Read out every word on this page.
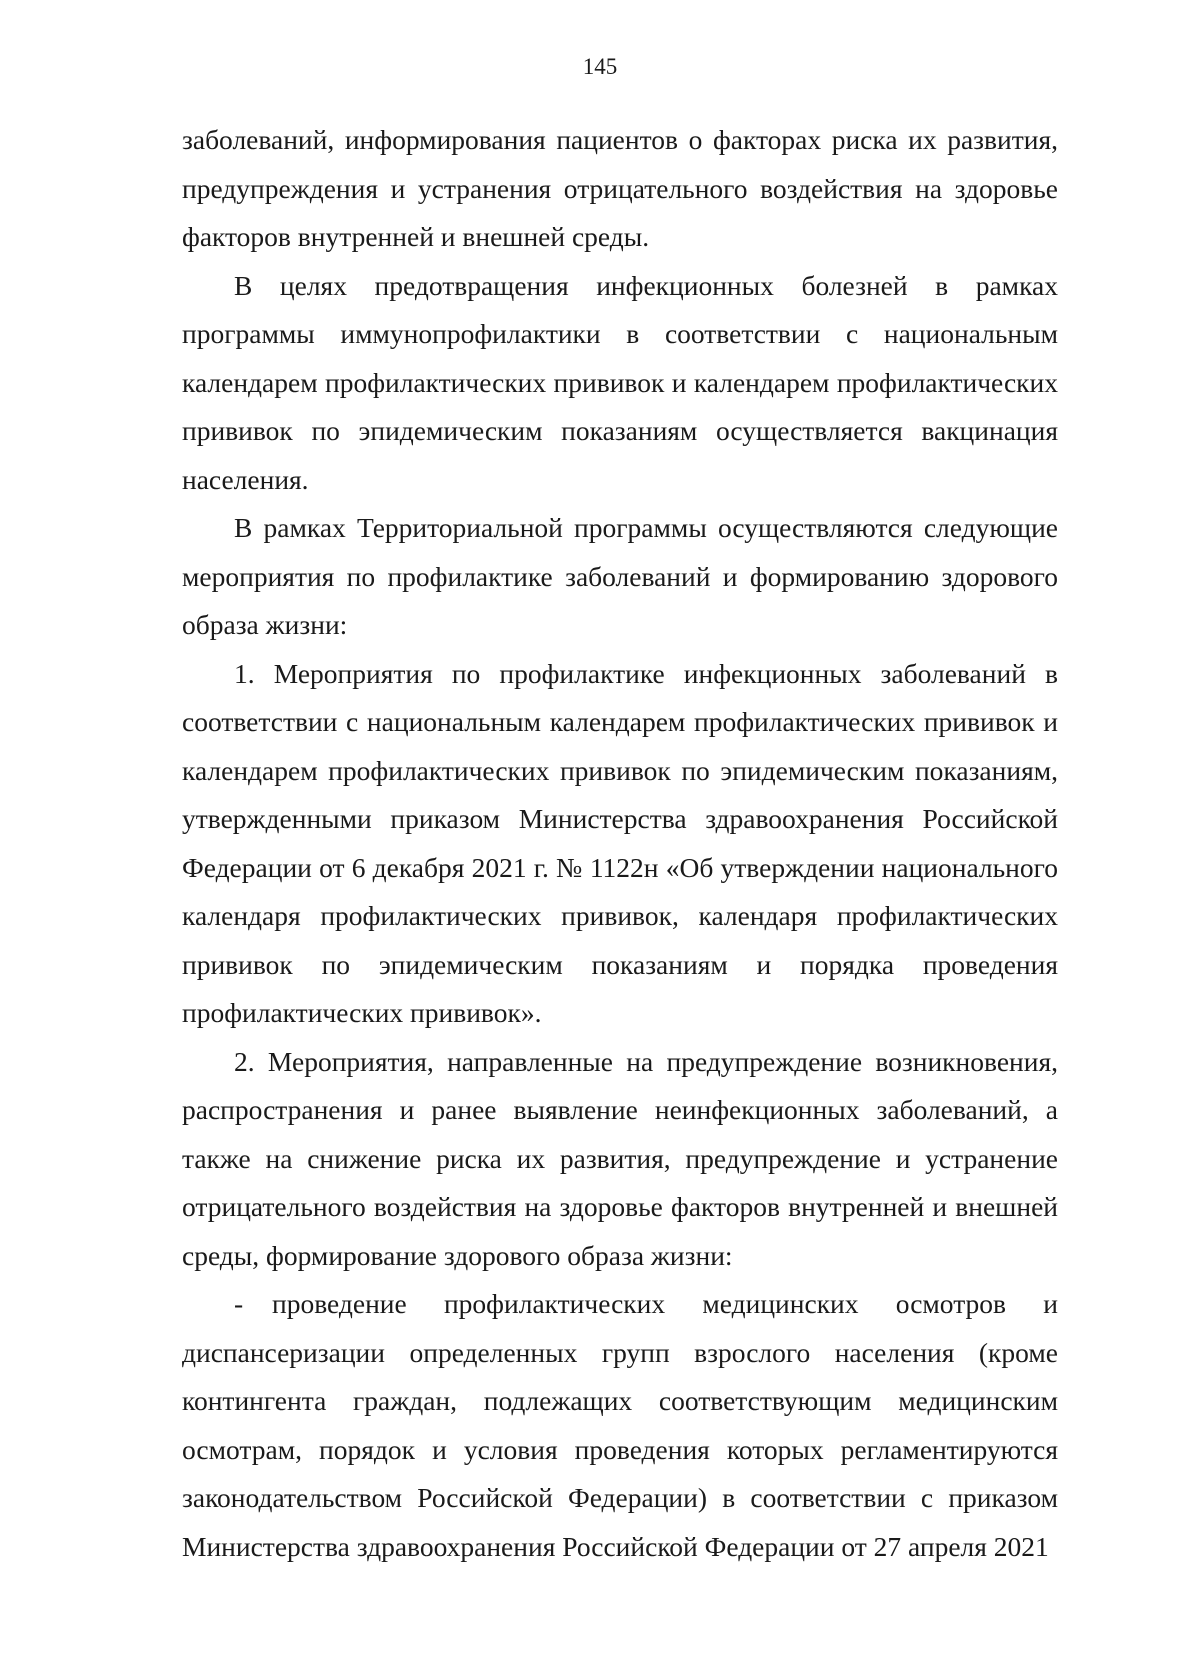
145

заболеваний, информирования пациентов о факторах риска их развития, предупреждения и устранения отрицательного воздействия на здоровье факторов внутренней и внешней среды.

В целях предотвращения инфекционных болезней в рамках программы иммунопрофилактики в соответствии с национальным календарем профилактических прививок и календарем профилактических прививок по эпидемическим показаниям осуществляется вакцинация населения.

В рамках Территориальной программы осуществляются следующие мероприятия по профилактике заболеваний и формированию здорового образа жизни:

1. Мероприятия по профилактике инфекционных заболеваний в соответствии с национальным календарем профилактических прививок и календарем профилактических прививок по эпидемическим показаниям, утвержденными приказом Министерства здравоохранения Российской Федерации от 6 декабря 2021 г. № 1122н «Об утверждении национального календаря профилактических прививок, календаря профилактических прививок по эпидемическим показаниям и порядка проведения профилактических прививок».

2. Мероприятия, направленные на предупреждение возникновения, распространения и ранее выявление неинфекционных заболеваний, а также на снижение риска их развития, предупреждение и устранение отрицательного воздействия на здоровье факторов внутренней и внешней среды, формирование здорового образа жизни:

- проведение профилактических медицинских осмотров и диспансеризации определенных групп взрослого населения (кроме контингента граждан, подлежащих соответствующим медицинским осмотрам, порядок и условия проведения которых регламентируются законодательством Российской Федерации) в соответствии с приказом Министерства здравоохранения Российской Федерации от 27 апреля 2021
